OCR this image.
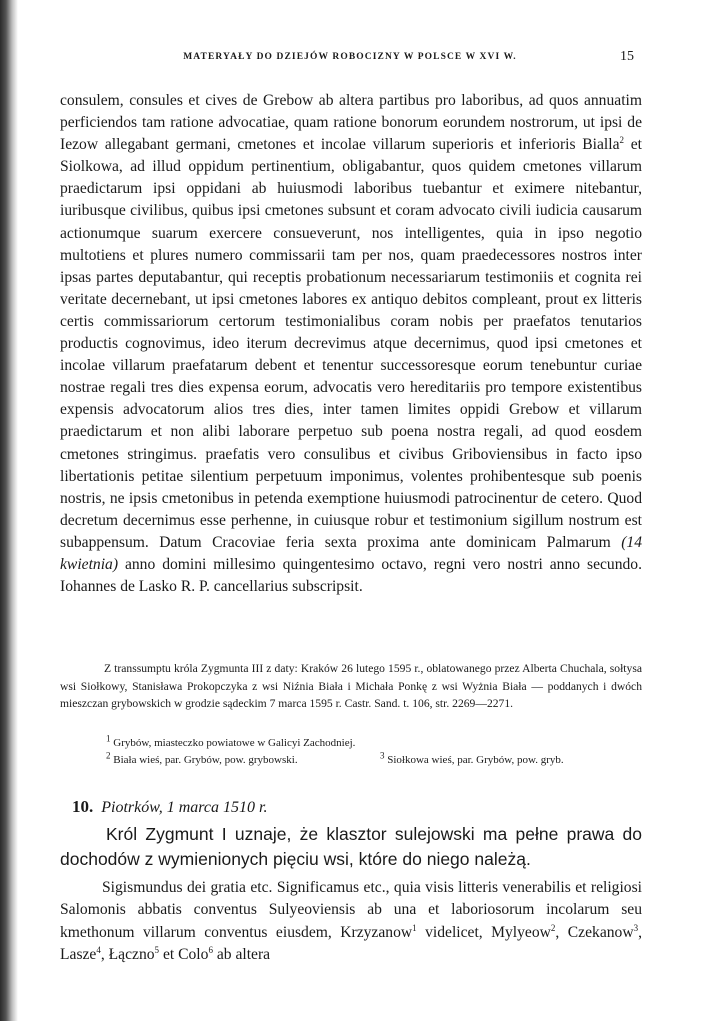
MATERYAŁY DO DZIEJÓW ROBOCIZNY W POLSCE W XVI W.	15

consulem, consules et cives de Grebow ab altera partibus pro laboribus, ad quos annuatim perficiendos tam ratione advocatiae, quam ratione bonorum eorundem nostrorum, ut ipsi de Iezow allegabant germani, cmetones et incolae villarum superioris et inferioris Bialla$^2$ et Siolkowa, ad illud oppidum pertinentium, obligabantur, quos quidem cmetones villarum praedictarum ipsi oppidani ab huiusmodi laboribus tuebantur et eximere nitebantur, iuribusque civilibus, quibus ipsi cmetones subsunt et coram advocato civili iudicia causarum actionumque suarum exercere consueverunt, nos intelligentes, quia in ipso negotio multotiens et plures numero commissarii tam per nos, quam praedecessores nostros inter ipsas partes deputabantur, qui receptis probationum necessariarum testimoniis et cognita rei veritate decernebant, ut ipsi cmetones labores ex antiquo debitos compleant, prout ex litteris certis commissariorum certorum testimonialibus coram nobis per praefatos tenutarios productis cognovimus, ideo iterum decrevimus atque decernimus, quod ipsi cmetones et incolae villarum praefatarum debent et tenentur successoresque eorum tenebuntur curiae nostrae regali tres dies expensa eorum, advocatis vero hereditariis pro tempore existentibus expensis advocatorum alios tres dies, inter tamen limites oppidi Grebow et villarum praedictarum et non alibi laborare perpetuo sub poena nostra regali, ad quod eosdem cmetones stringimus. praefatis vero consulibus et civibus Griboviensibus in facto ipso libertationis petitae silentium perpetuum imponimus, volentes prohibentesque sub poenis nostris, ne ipsis cmetonibus in petenda exemptione huiusmodi patrocinentur de cetero. Quod decretum decernimus esse perhenne, in cuiusque robur et testimonium sigillum nostrum est subappensum. Datum Cracoviae feria sexta proxima ante dominicam Palmarum (14 kwietnia) anno domini millesimo quingentesimo octavo, regni vero nostri anno secundo. Iohannes de Lasko R. P. cancellarius subscripsit.

Z transsumptu króla Zygmunta III z daty: Kraków 26 lutego 1595 r., oblatowanego przez Alberta Chuchala, sołtysa wsi Siołkowy, Stanisława Prokopczyka z wsi Niźnia Biała i Michała Ponkę z wsi Wyżnia Biała — poddanych i dwóch mieszczan grybowskich w grodzie sądeckim 7 marca 1595 r. Castr. Sand. t. 106, str. 2269—2271.

$^1$ Grybów, miasteczko powiatowe w Galicyi Zachodniej.
$^2$ Biała wieś, par. Grybów, pow. grybowski.	$^3$ Siołkowa wieś, par. Grybów, pow. gryb.
10. Piotrków, 1 marca 1510 r.

Król Zygmunt I uznaje, że klasztor sulejowski ma pełne prawa do dochodów z wymienionych pięciu wsi, które do niego należą.

Sigismundus dei gratia etc. Significamus etc., quia visis litteris venerabilis et religiosi Salomonis abbatis conventus Sulyeoviensis ab una et laboriosorum incolarum seu kmethonum villarum conventus eiusdem, Krzyzanow$^1$ videlicet, Mylyeow$^2$, Czekanow$^3$, Lasze$^4$, Łączno$^5$ et Colo$^6$ ab altera
